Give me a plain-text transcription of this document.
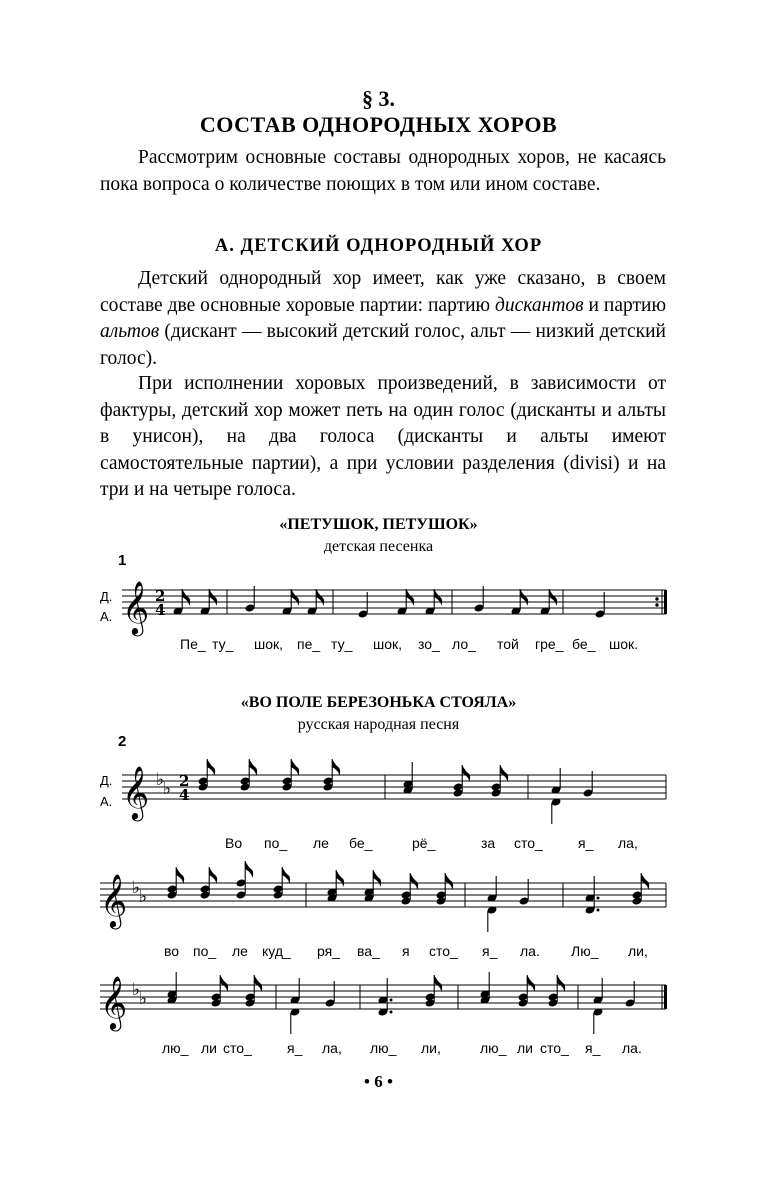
§ 3.
СОСТАВ ОДНОРОДНЫХ ХОРОВ

Рассмотрим основные составы однородных хоров, не касаясь пока вопроса о количестве поющих в том или ином составе.

А. ДЕТСКИЙ ОДНОРОДНЫЙ ХОР

Детский однородный хор имеет, как уже сказано, в своем составе две основные хоровые партии: партию дискантов и партию альтов (дискант — высокий детский голос, альт — низкий детский голос).

При исполнении хоровых произведений, в зависимости от фактуры, детский хор может петь на один голос (дисканты и альты в унисон), на два голоса (дисканты и альты имеют самостоятельные партии), а при условии разделения (divisi) и на три и на четыре голоса.

«ПЕТУШОК, ПЕТУШОК»
детская песенка
1
Д.
А.
Пе_ ту_ шок, пе_ ту_ шок, зо_ ло_ той гре_ бе_ шок.
«ВО ПОЛЕ БЕРЕЗОНЬКА СТОЯЛА»
русская народная песня
2
Д.
А.
Во по_ ле бе_	рё_	за сто_	я_ ла,
во по_ ле куд_ ря_ ва_ я сто_ я_ ла. Лю_ ли,
лю_ ли сто_	я_ ла, лю_ ли,	лю_ ли сто_ я_ ла.
𝄞 2
4
𝄞 ♭
♭ 2
4
𝄞 ♭
♭
𝄞 ♭
♭
• 6 •
